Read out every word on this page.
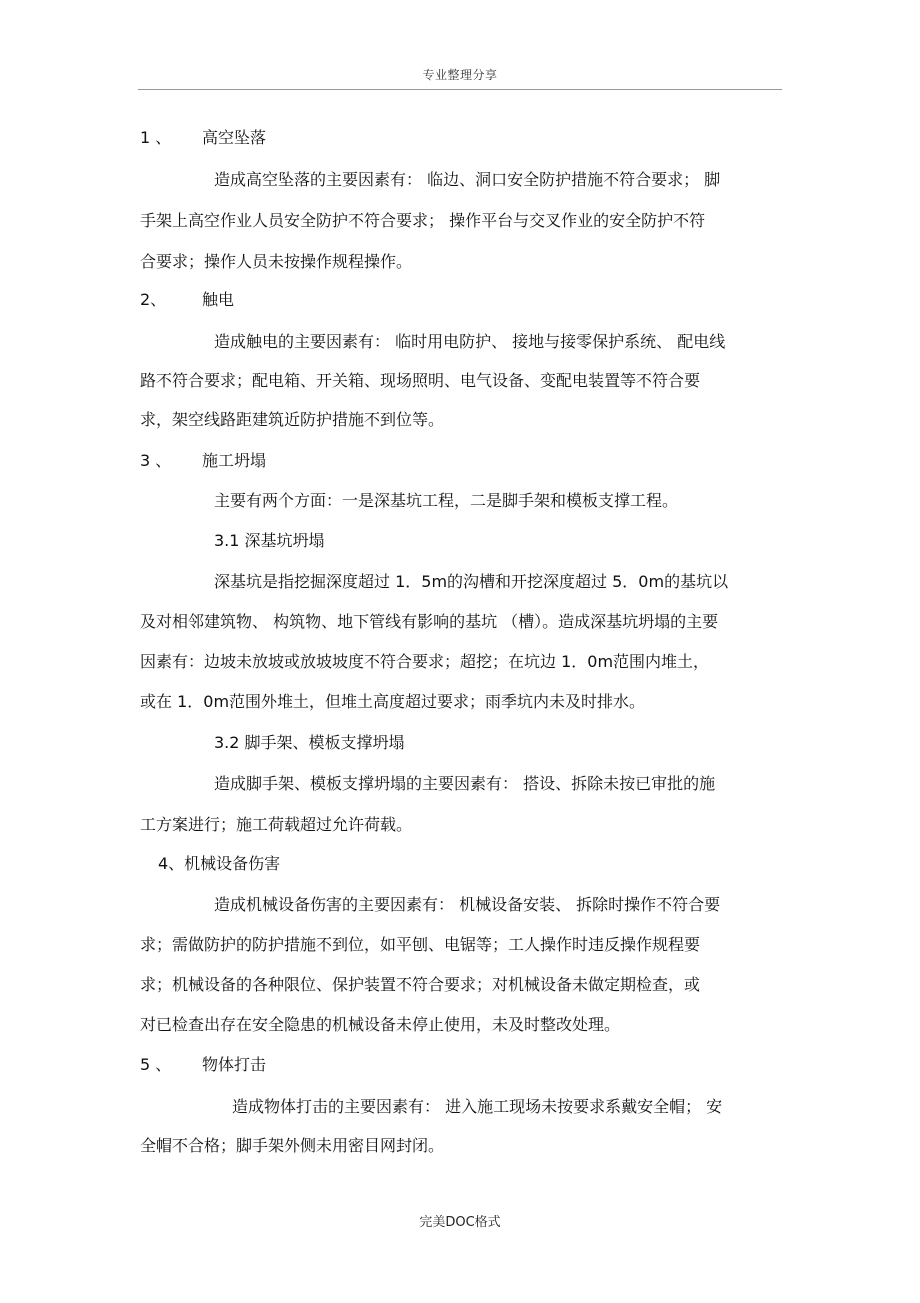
专业整理分享
1 、 高空坠落
造成高空坠落的主要因素有： 临边、洞口安全防护措施不符合要求； 脚
手架上高空作业人员安全防护不符合要求； 操作平台与交叉作业的安全防护不符
合要求；操作人员未按操作规程操作。
2、 触电
造成触电的主要因素有： 临时用电防护、 接地与接零保护系统、 配电线
路不符合要求；配电箱、开关箱、现场照明、电气设备、变配电装置等不符合要
求，架空线路距建筑近防护措施不到位等。
3 、 施工坍塌
主要有两个方面：一是深基坑工程，二是脚手架和模板支撑工程。
3.1 深基坑坍塌
深基坑是指挖掘深度超过 1．5m的沟槽和开挖深度超过 5．0m的基坑以
及对相邻建筑物、 构筑物、地下管线有影响的基坑 （槽）。造成深基坑坍塌的主要
因素有：边坡未放坡或放坡坡度不符合要求；超挖；在坑边 1．0m范围内堆土，
或在 1．0m范围外堆土，但堆土高度超过要求；雨季坑内未及时排水。
3.2 脚手架、模板支撑坍塌
造成脚手架、模板支撑坍塌的主要因素有： 搭设、拆除未按已审批的施
工方案进行；施工荷载超过允许荷载。
4、机械设备伤害
造成机械设备伤害的主要因素有： 机械设备安装、 拆除时操作不符合要
求；需做防护的防护措施不到位，如平刨、电锯等；工人操作时违反操作规程要
求；机械设备的各种限位、保护装置不符合要求；对机械设备未做定期检查，或
对已检查出存在安全隐患的机械设备未停止使用，未及时整改处理。
5 、 物体打击
造成物体打击的主要因素有： 进入施工现场未按要求系戴安全帽； 安
全帽不合格；脚手架外侧未用密目网封闭。
完美DOC格式
